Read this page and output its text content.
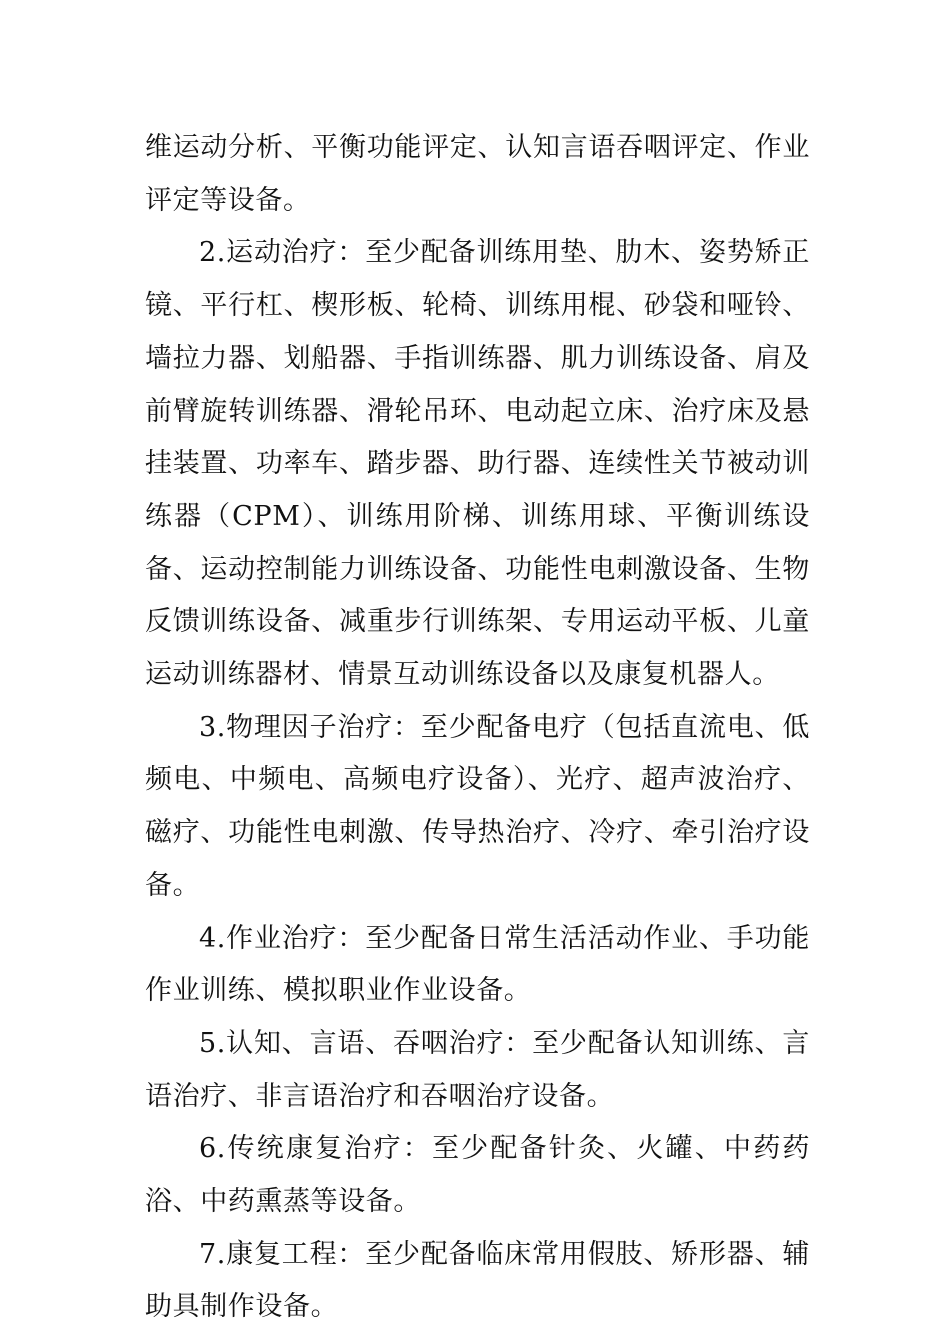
维运动分析、平衡功能评定、认知言语吞咽评定、作业评定等设备。

2.运动治疗：至少配备训练用垫、肋木、姿势矫正镜、平行杠、楔形板、轮椅、训练用棍、砂袋和哑铃、墙拉力器、划船器、手指训练器、肌力训练设备、肩及前臂旋转训练器、滑轮吊环、电动起立床、治疗床及悬挂装置、功率车、踏步器、助行器、连续性关节被动训练器（CPM）、训练用阶梯、训练用球、平衡训练设备、运动控制能力训练设备、功能性电刺激设备、生物反馈训练设备、减重步行训练架、专用运动平板、儿童运动训练器材、情景互动训练设备以及康复机器人。

3.物理因子治疗：至少配备电疗（包括直流电、低频电、中频电、高频电疗设备）、光疗、超声波治疗、磁疗、功能性电刺激、传导热治疗、冷疗、牵引治疗设备。

4.作业治疗：至少配备日常生活活动作业、手功能作业训练、模拟职业作业设备。

5.认知、言语、吞咽治疗：至少配备认知训练、言语治疗、非言语治疗和吞咽治疗设备。

6.传统康复治疗：至少配备针灸、火罐、中药药浴、中药熏蒸等设备。

7.康复工程：至少配备临床常用假肢、矫形器、辅助具制作设备。
